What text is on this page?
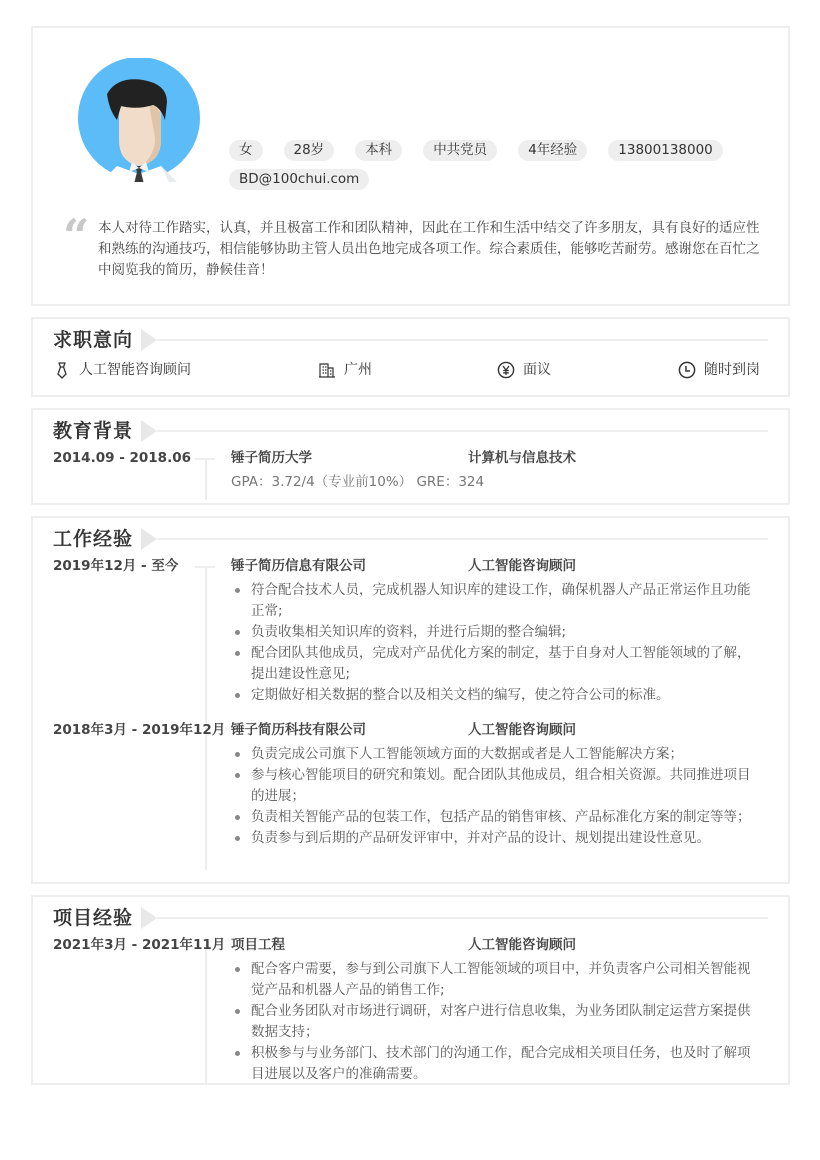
女	28岁	本科	中共党员	4年经验	13800138000
BD@100chui.com
“ 本人对待工作踏实，认真，并且极富工作和团队精神，因此在工作和生活中结交了许多朋友，具有良好的适应性和熟练的沟通技巧，相信能够协助主管人员出色地完成各项工作。综合素质佳，能够吃苦耐劳。感谢您在百忙之中阅览我的简历，静候佳音！

求职意向
人工智能咨询顾问	广州	面议	随时到岗
教育背景
2014.09 - 2018.06	锤子简历大学	计算机与信息技术
GPA：3.72/4（专业前10%） GRE：324
工作经验
2019年12月 - 至今	锤子简历信息有限公司	人工智能咨询顾问
符合配合技术人员，完成机器人知识库的建设工作，确保机器人产品正常运作且功能正常;
负责收集相关知识库的资料，并进行后期的整合编辑;
配合团队其他成员，完成对产品优化方案的制定，基于自身对人工智能领域的了解，提出建设性意见;
定期做好相关数据的整合以及相关文档的编写，使之符合公司的标准。
2018年3月 - 2019年12月 锤子简历科技有限公司	人工智能咨询顾问
负责完成公司旗下人工智能领域方面的大数据或者是人工智能解决方案；
参与核心智能项目的研究和策划。配合团队其他成员，组合相关资源。共同推进项目的进展；
负责相关智能产品的包装工作，包括产品的销售审核、产品标准化方案的制定等等；
负责参与到后期的产品研发评审中，并对产品的设计、规划提出建设性意见。
项目经验
2021年3月 - 2021年11月 项目工程	人工智能咨询顾问
配合客户需要，参与到公司旗下人工智能领域的项目中，并负责客户公司相关智能视觉产品和机器人产品的销售工作;
配合业务团队对市场进行调研，对客户进行信息收集，为业务团队制定运营方案提供数据支持；
积极参与与业务部门、技术部门的沟通工作，配合完成相关项目任务，也及时了解项目进展以及客户的准确需要。
